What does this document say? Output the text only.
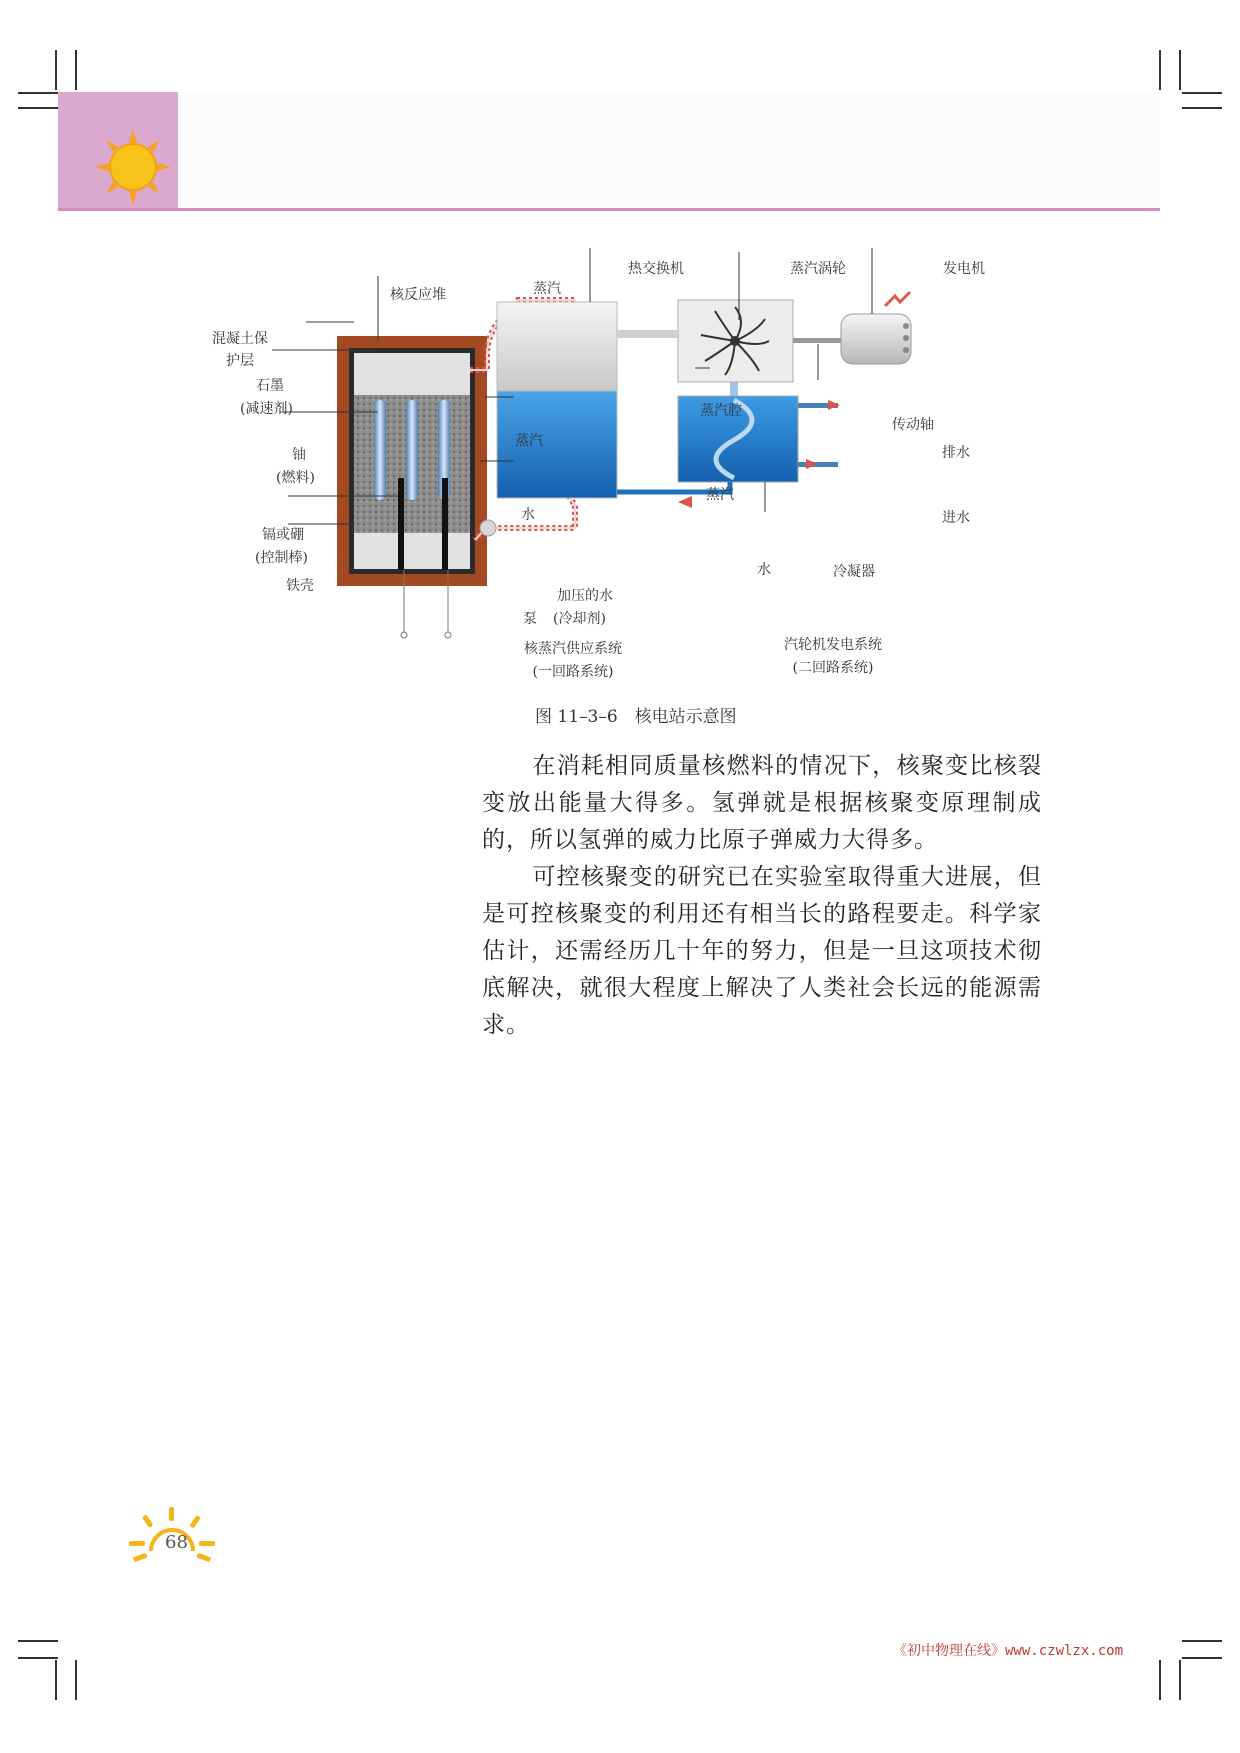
核反应堆
混凝土保
护层
石墨
(减速剂)
铀
(燃料)
镉或硼
(控制棒)
铁壳
蒸汽
热交换机	蒸汽涡轮	发电机
蒸汽腔
传动轴
蒸汽
水
蒸汽
排水
进水
水	冷凝器
加压的水
(冷却剂)
泵
核蒸汽供应系统
(一回路系统)
汽轮机发电系统
(二回路系统)
图 11–3–6　核电站示意图

在消耗相同质量核燃料的情况下，核聚变比核裂变放出能量大得多。氢弹就是根据核聚变原理制成的，所以氢弹的威力比原子弹威力大得多。

可控核聚变的研究已在实验室取得重大进展，但是可控核聚变的利用还有相当长的路程要走。科学家估计，还需经历几十年的努力，但是一旦这项技术彻底解决，就很大程度上解决了人类社会长远的能源需求。

68
《初中物理在线》www.czwlzx.com
